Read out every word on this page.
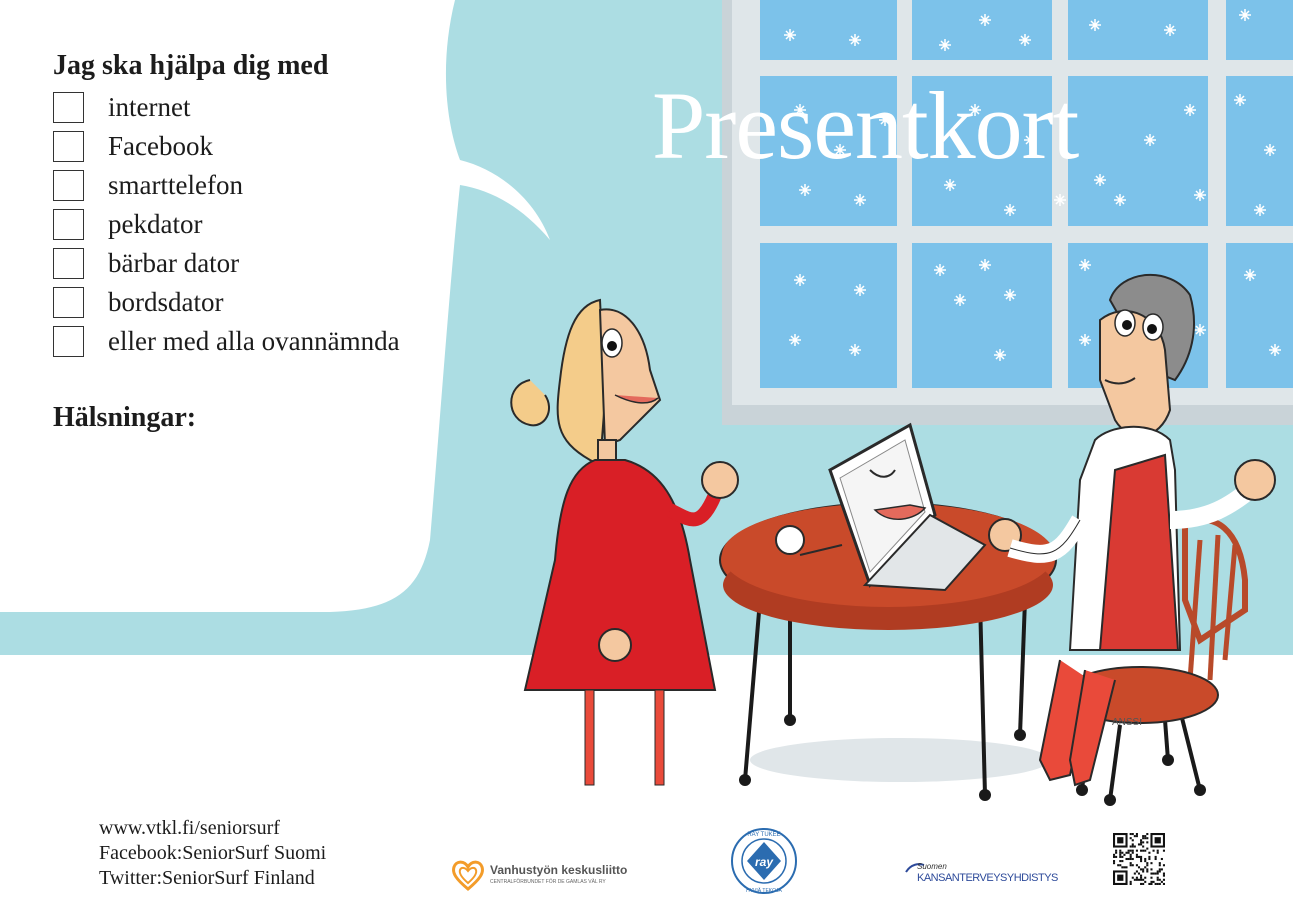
ANSSI
Presentkort
Jag ska hjälpa dig med
internet
Facebook
smarttelefon
pekdator
bärbar dator
bordsdator
eller med alla ovannämnda
Hälsningar:
www.vtkl.fi/seniorsurf
Facebook:SeniorSurf Suomi
Twitter:SeniorSurf Finland	Vanhustyön keskusliitto
CENTRALFÖRBUNDET FÖR DE GAMLAS VÄL RY
RAY TUKEE
ray
HYVIÄ TEKOJA
Suomen
KANSANTERVEYSYHDISTYS
